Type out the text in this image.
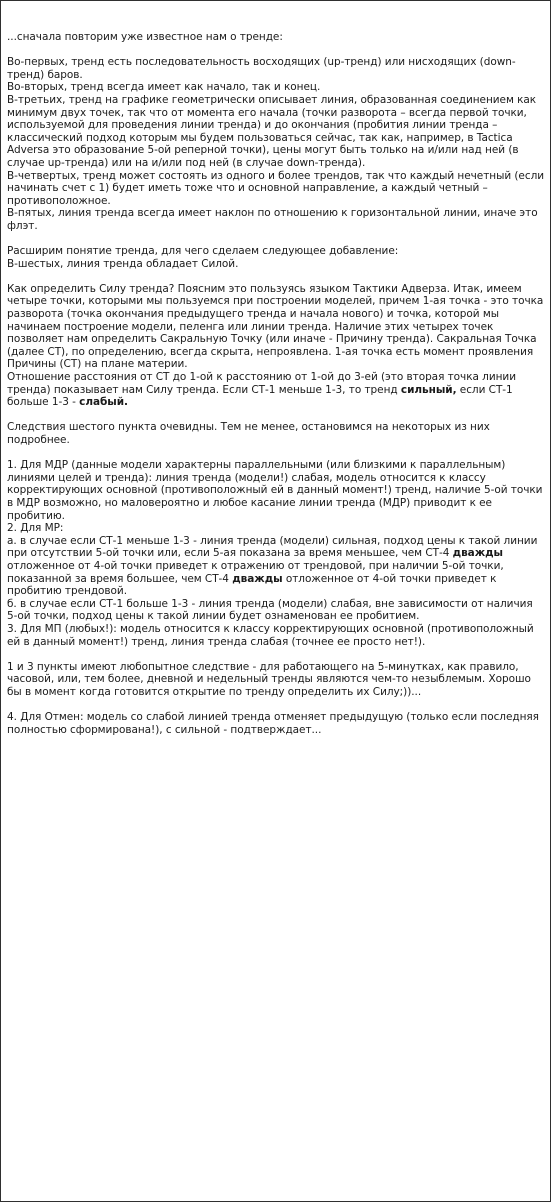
...сначала повторим уже известное нам о тренде:

Во-первых, тренд есть последовательность восходящих (up-тренд) или нисходящих (down-тренд) баров.
Во-вторых, тренд всегда имеет как начало, так и конец.
В-третьих, тренд на графике геометрически описывает линия, образованная соединением как минимум двух точек, так что от момента его начала (точки разворота – всегда первой точки, используемой для проведения линии тренда) и до окончания (пробития линии тренда – классический подход которым мы будем пользоваться сейчас, так как, например, в Tactica Adversa это образование 5-ой реперной точки), цены могут быть только на и/или над ней (в случае up-тренда) или на и/или под ней (в случае down-тренда).
В-четвертых, тренд может состоять из одного и более трендов, так что каждый нечетный (если начинать счет с 1) будет иметь тоже что и основной направление, а каждый четный – противоположное.
В-пятых, линия тренда всегда имеет наклон по отношению к горизонтальной линии, иначе это флэт.

Расширим понятие тренда, для чего сделаем следующее добавление:
В-шестых, линия тренда обладает Силой.

Как определить Силу тренда? Поясним это пользуясь языком Тактики Адверза. Итак, имеем четыре точки, которыми мы пользуемся при построении моделей, причем 1-ая точка - это точка разворота (точка окончания предыдущего тренда и начала нового) и точка, которой мы начинаем построение модели, пеленга или линии тренда. Наличие этих четырех точек позволяет нам определить Сакральную Точку (или иначе - Причину тренда). Сакральная Точка (далее СТ), по определению, всегда скрыта, непроявлена. 1-ая точка есть момент проявления Причины (СТ) на плане материи.
Отношение расстояния от СТ до 1-ой к расстоянию от 1-ой до 3-ей (это вторая точка линии тренда) показывает нам Силу тренда. Если СТ-1 меньше 1-3, то тренд сильный, если СТ-1 больше 1-3 - слабый.

Следствия шестого пункта очевидны. Тем не менее, остановимся на некоторых из них подробнее.

1. Для МДР (данные модели характерны параллельными (или близкими к параллельным) линиями целей и тренда): линия тренда (модели!) слабая, модель относится к классу корректирующих основной (противоположный ей в данный момент!) тренд, наличие 5-ой точки в МДР возможно, но маловероятно и любое касание линии тренда (МДР) приводит к ее пробитию.
2. Для МР:
а. в случае если СТ-1 меньше 1-3 - линия тренда (модели) сильная, подход цены к такой линии при отсутствии 5-ой точки или, если 5-ая показана за время меньшее, чем СТ-4 дважды отложенное от 4-ой точки приведет к отражению от трендовой, при наличии 5-ой точки, показанной за время большее, чем СТ-4 дважды отложенное от 4-ой точки приведет к пробитию трендовой.
б. в случае если СТ-1 больше 1-3 - линия тренда (модели) слабая, вне зависимости от наличия 5-ой точки, подход цены к такой линии будет ознаменован ее пробитием.
3. Для МП (любых!): модель относится к классу корректирующих основной (противоположный ей в данный момент!) тренд, линия тренда слабая (точнее ее просто нет!).

1 и 3 пункты имеют любопытное следствие - для работающего на 5-минутках, как правило, часовой, или, тем более, дневной и недельный тренды являются чем-то незыблемым. Хорошо бы в момент когда готовится открытие по тренду определить их Силу;))...

4. Для Отмен: модель со слабой линией тренда отменяет предыдущую (только если последняя полностью сформирована!), с сильной - подтверждает...
